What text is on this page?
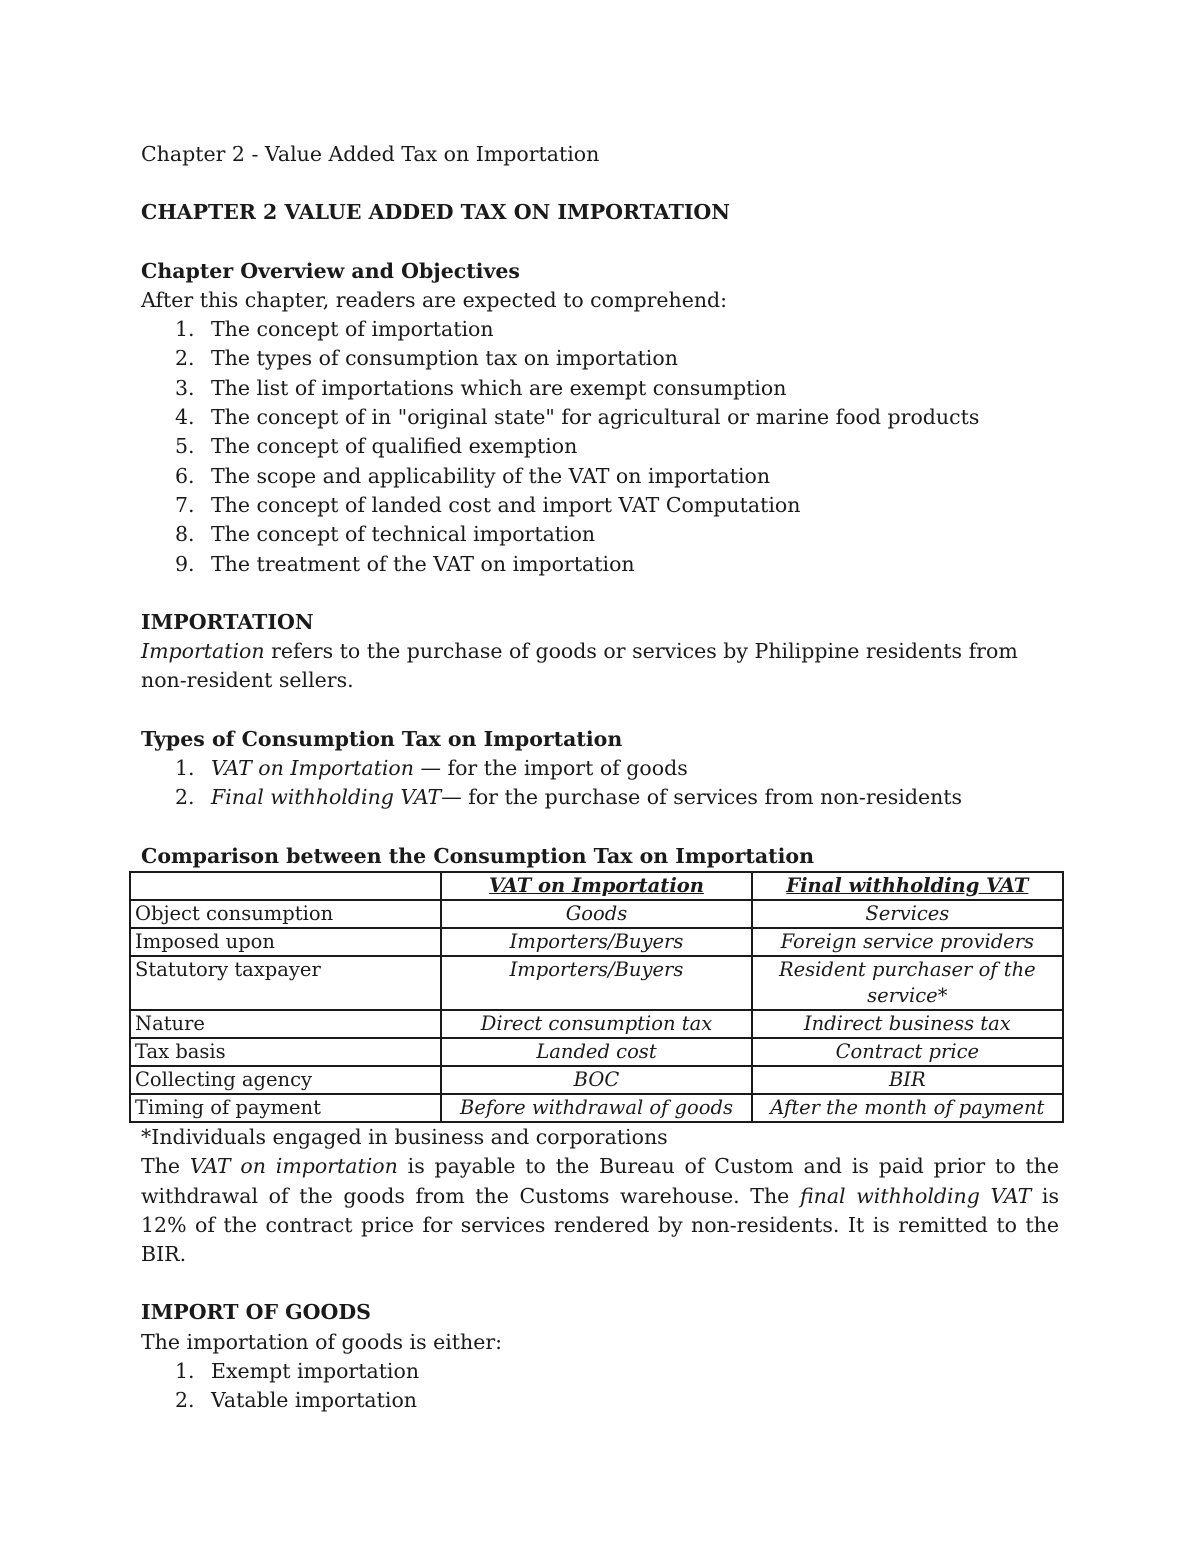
Chapter 2 - Value Added Tax on Importation

CHAPTER 2 VALUE ADDED TAX ON IMPORTATION

Chapter Overview and Objectives

After this chapter, readers are expected to comprehend:

1. The concept of importation
2. The types of consumption tax on importation
3. The list of importations which are exempt consumption
4. The concept of in "original state" for agricultural or marine food products
5. The concept of qualified exemption
6. The scope and applicability of the VAT on importation
7. The concept of landed cost and import VAT Computation
8. The concept of technical importation
9. The treatment of the VAT on importation

IMPORTATION

Importation refers to the purchase of goods or services by Philippine residents from non-resident sellers.

Types of Consumption Tax on Importation

1. VAT on Importation — for the import of goods
2. Final withholding VAT— for the purchase of services from non-residents

Comparison between the Consumption Tax on Importation

	VAT on Importation	Final withholding VAT
Object consumption	Goods	Services
Imposed upon	Importers/Buyers	Foreign service providers
Statutory taxpayer	Importers/Buyers	Resident purchaser of the service*
Nature	Direct consumption tax	Indirect business tax
Tax basis	Landed cost	Contract price
Collecting agency	BOC	BIR
Timing of payment	Before withdrawal of goods	After the month of payment

*Individuals engaged in business and corporations

The VAT on importation is payable to the Bureau of Custom and is paid prior to the withdrawal of the goods from the Customs warehouse. The final withholding VAT is 12% of the contract price for services rendered by non-residents. It is remitted to the BIR.

IMPORT OF GOODS

The importation of goods is either:

1. Exempt importation
2. Vatable importation
